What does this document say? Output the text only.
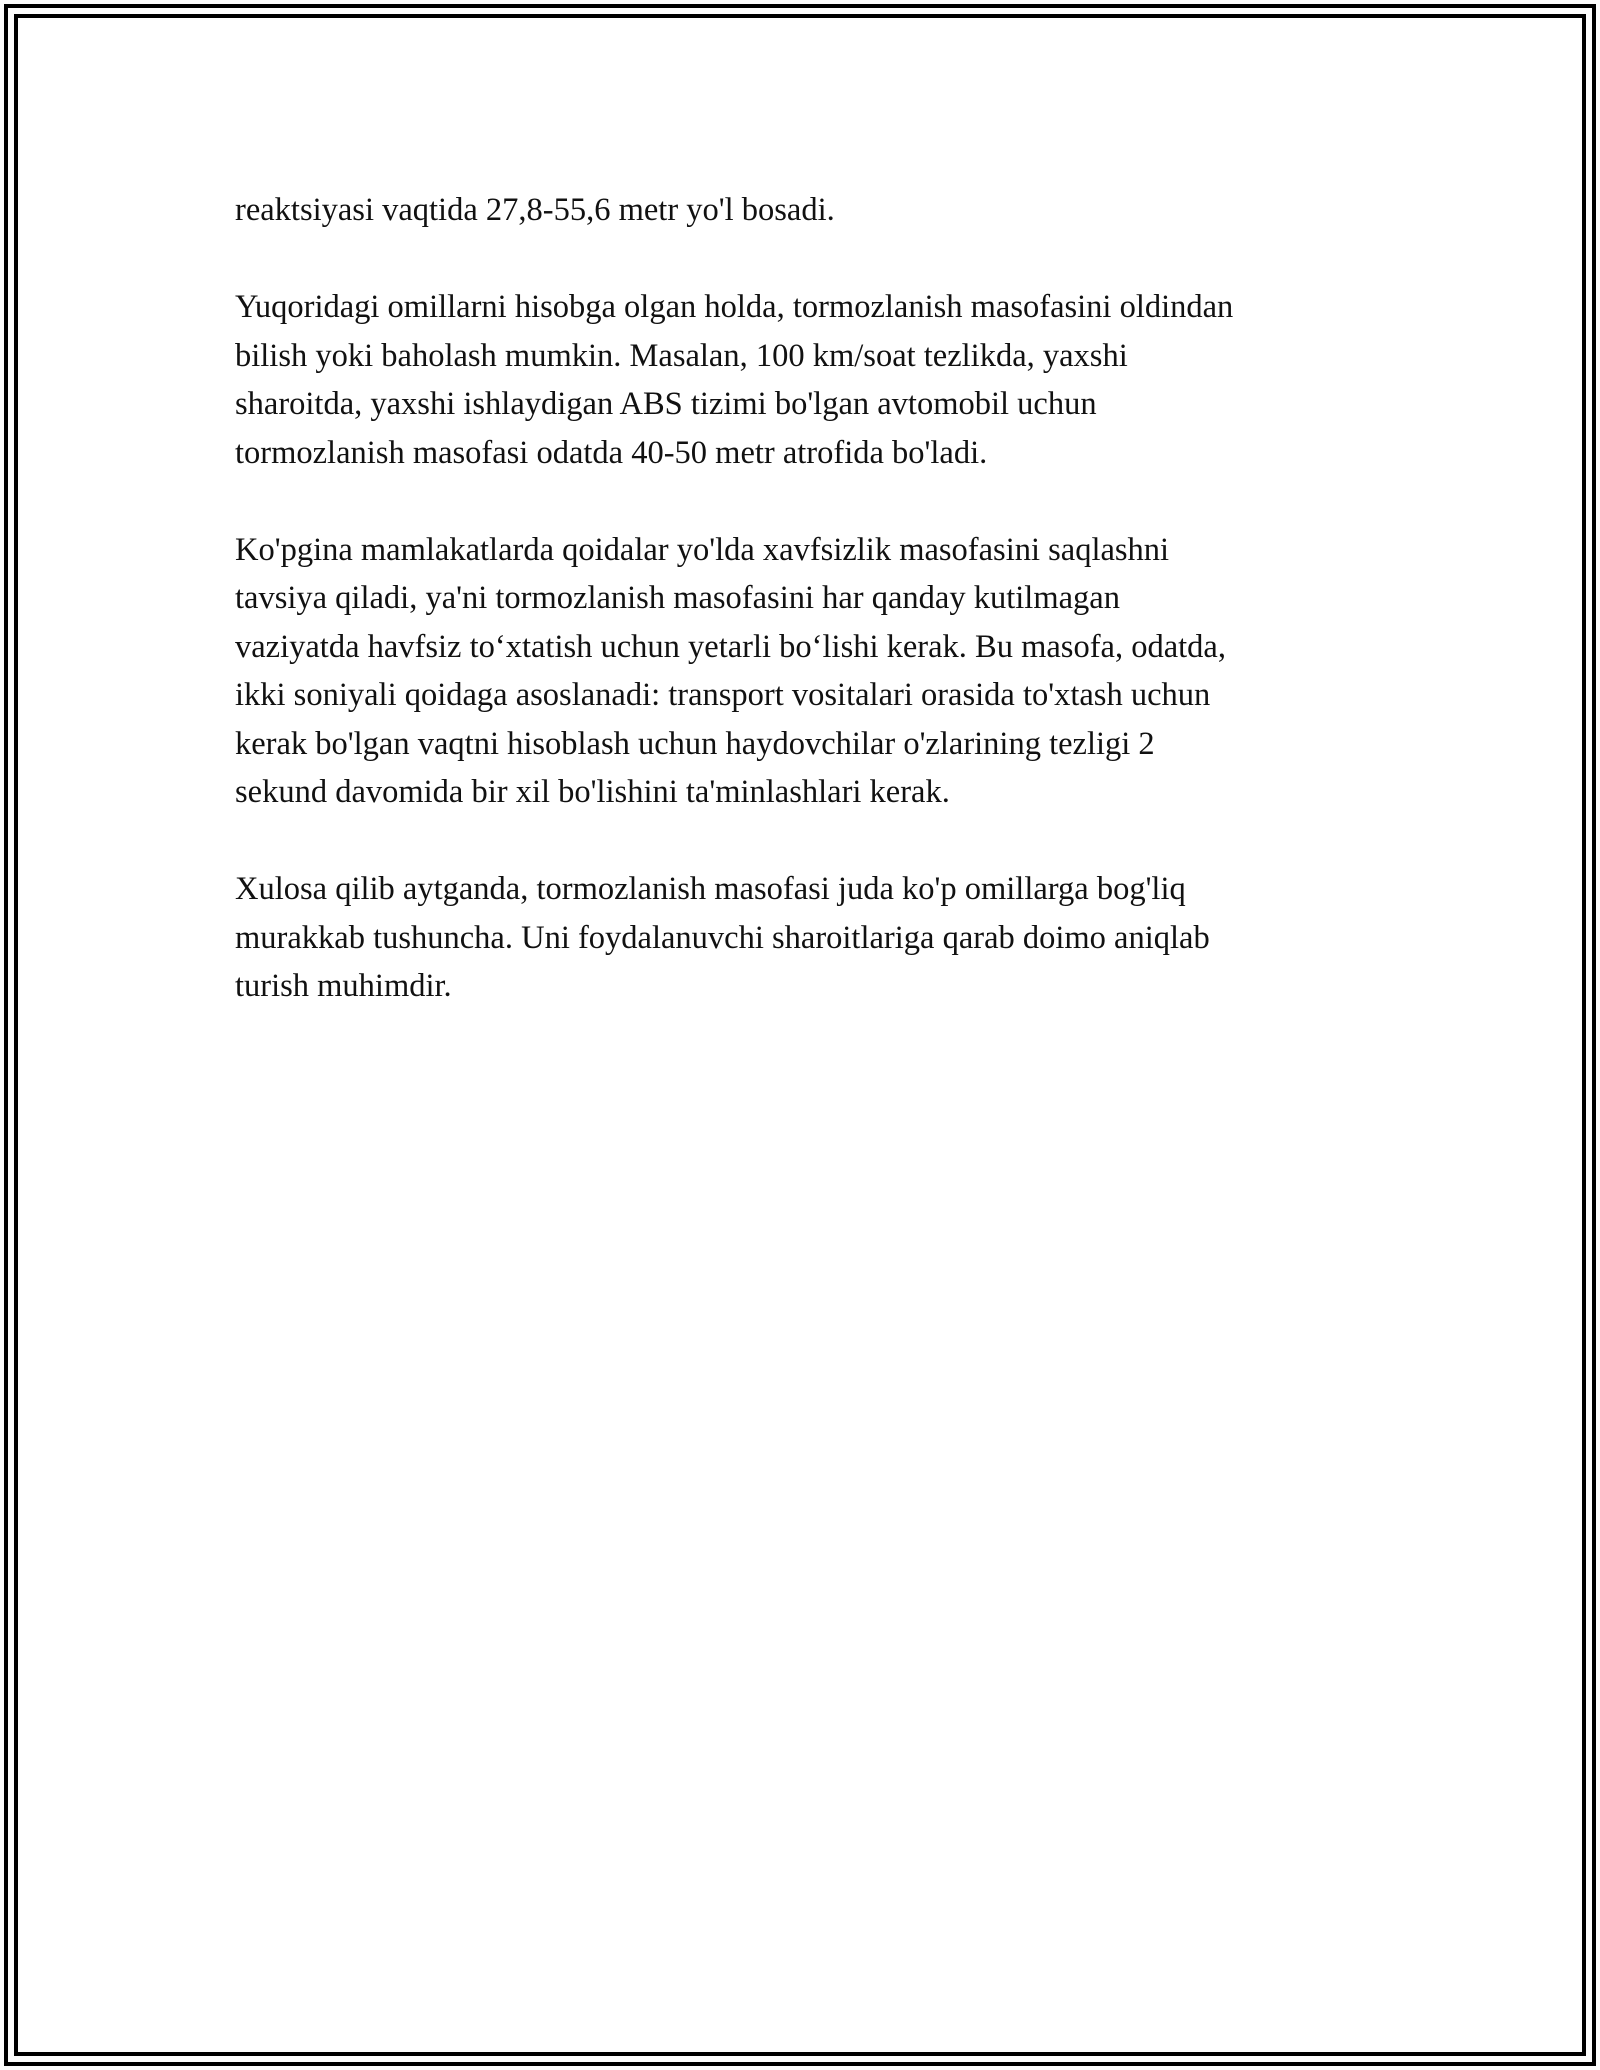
reaktsiyasi vaqtida 27,8-55,6 metr yo'l bosadi.

Yuqoridagi omillarni hisobga olgan holda, tormozlanish masofasini oldindan
bilish yoki baholash mumkin. Masalan, 100 km/soat tezlikda, yaxshi
sharoitda, yaxshi ishlaydigan ABS tizimi bo'lgan avtomobil uchun
tormozlanish masofasi odatda 40-50 metr atrofida bo'ladi.

Ko'pgina mamlakatlarda qoidalar yo'lda xavfsizlik masofasini saqlashni
tavsiya qiladi, ya'ni tormozlanish masofasini har qanday kutilmagan
vaziyatda havfsiz to‘xtatish uchun yetarli bo‘lishi kerak. Bu masofa, odatda,
ikki soniyali qoidaga asoslanadi: transport vositalari orasida to'xtash uchun
kerak bo'lgan vaqtni hisoblash uchun haydovchilar o'zlarining tezligi 2
sekund davomida bir xil bo'lishini ta'minlashlari kerak.

Xulosa qilib aytganda, tormozlanish masofasi juda ko'p omillarga bog'liq
murakkab tushuncha. Uni foydalanuvchi sharoitlariga qarab doimo aniqlab
turish muhimdir.
